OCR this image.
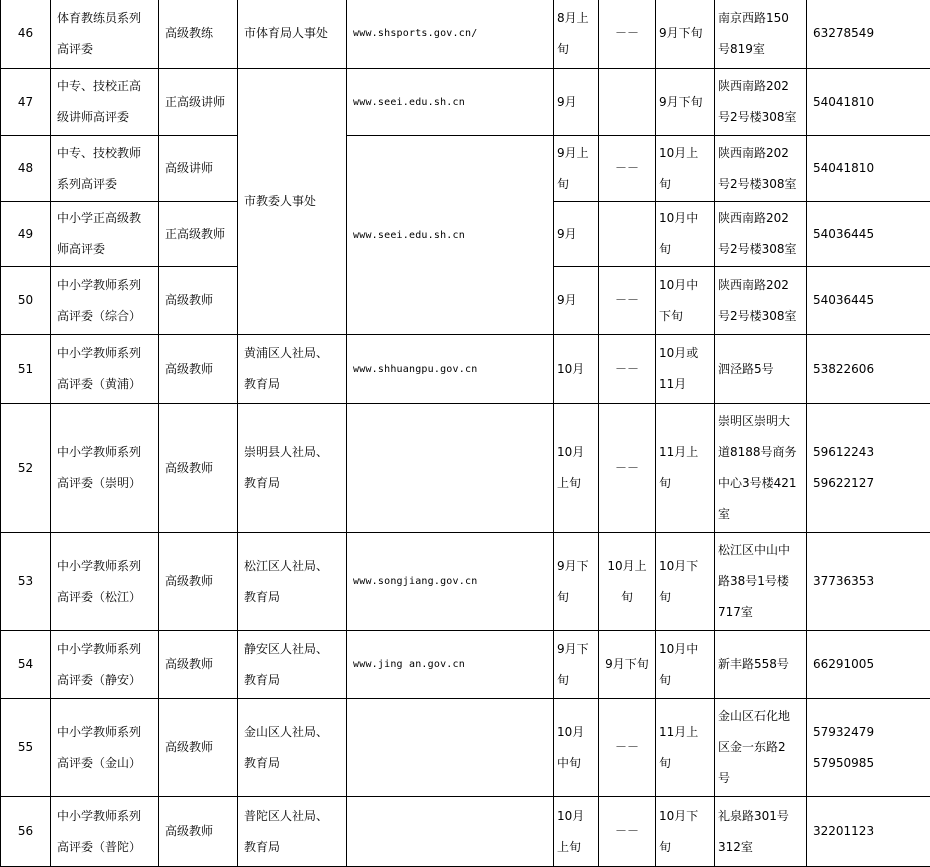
46	体育教练员系列
高评委	高级教练	市体育局人事处	www.shsports.gov.cn/	8月上
旬	－－	9月下旬	南京西路150
号819室	63278549
47	中专、技校正高
级讲师高评委	正高级讲师	市教委人事处	www.seei.edu.sh.cn	9月		9月下旬	陕西南路202
号2号楼308室	54041810
48	中专、技校教师
系列高评委	高级讲师		www.seei.edu.sh.cn	9月上
旬	－－	10月上
旬	陕西南路202
号2号楼308室	54041810
49	中小学正高级教
师高评委	正高级教师			9月		10月中
旬	陕西南路202
号2号楼308室	54036445
50	中小学教师系列
高评委（综合）	高级教师			9月	－－	10月中
下旬	陕西南路202
号2号楼308室	54036445
51	中小学教师系列
高评委（黄浦）	高级教师	黄浦区人社局、
教育局	www.shhuangpu.gov.cn	10月	－－	10月或
11月	泗泾路5号	53822606
52	中小学教师系列
高评委（崇明）	高级教师	崇明县人社局、
教育局		10月
上旬	－－	11月上
旬	崇明区崇明大
道8188号商务
中心3号楼421
室	59612243
59622127
53	中小学教师系列
高评委（松江）	高级教师	松江区人社局、
教育局	www.songjiang.gov.cn	9月下
旬	10月上
旬	10月下
旬	松江区中山中
路38号1号楼
717室	37736353
54	中小学教师系列
高评委（静安）	高级教师	静安区人社局、
教育局	www.jing an.gov.cn	9月下
旬	9月下旬	10月中
旬	新丰路558号	66291005
55	中小学教师系列
高评委（金山）	高级教师	金山区人社局、
教育局		10月
中旬	－－	11月上
旬	金山区石化地
区金一东路2
号	57932479
57950985
56	中小学教师系列
高评委（普陀）	高级教师	普陀区人社局、
教育局		10月
上旬	－－	10月下
旬	礼泉路301号
312室	32201123
